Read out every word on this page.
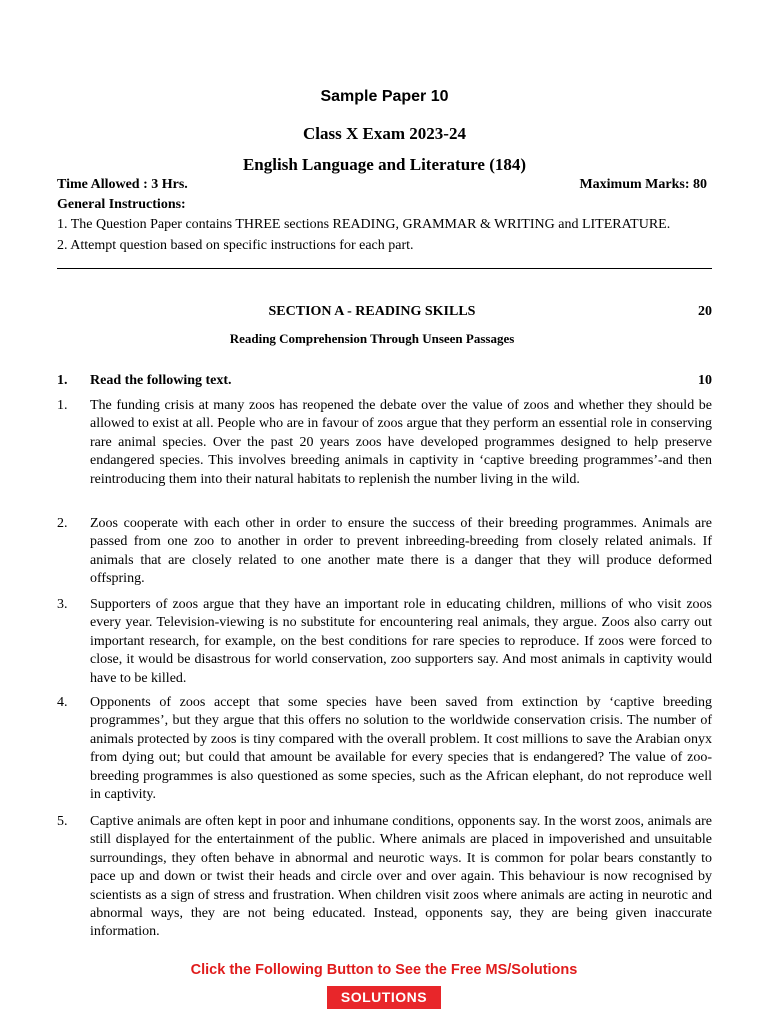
Sample Paper 10
Class X Exam 2023-24
English Language and Literature (184)
Time Allowed : 3 Hrs.	Maximum Marks: 80
General Instructions:
1. The Question Paper contains THREE sections READING, GRAMMAR & WRITING and LITERATURE.
2. Attempt question based on specific instructions for each part.
SECTION A - READING SKILLS	20
Reading Comprehension Through Unseen Passages
1. Read the following text.	10
1. The funding crisis at many zoos has reopened the debate over the value of zoos and whether they should be allowed to exist at all. People who are in favour of zoos argue that they perform an essential role in conserving rare animal species. Over the past 20 years zoos have developed programmes designed to help preserve endangered species. This involves breeding animals in captivity in ‘captive breeding programmes’-and then reintroducing them into their natural habitats to replenish the number living in the wild.
2. Zoos cooperate with each other in order to ensure the success of their breeding programmes. Animals are passed from one zoo to another in order to prevent inbreeding-breeding from closely related animals. If animals that are closely related to one another mate there is a danger that they will produce deformed offspring.
3. Supporters of zoos argue that they have an important role in educating children, millions of who visit zoos every year. Television-viewing is no substitute for encountering real animals, they argue. Zoos also carry out important research, for example, on the best conditions for rare species to reproduce. If zoos were forced to close, it would be disastrous for world conservation, zoo supporters say. And most animals in captivity would have to be killed.
4. Opponents of zoos accept that some species have been saved from extinction by ‘captive breeding programmes’, but they argue that this offers no solution to the worldwide conservation crisis. The number of animals protected by zoos is tiny compared with the overall problem. It cost millions to save the Arabian onyx from dying out; but could that amount be available for every species that is endangered? The value of zoo-breeding programmes is also questioned as some species, such as the African elephant, do not reproduce well in captivity.
5. Captive animals are often kept in poor and inhumane conditions, opponents say. In the worst zoos, animals are still displayed for the entertainment of the public. Where animals are placed in impoverished and unsuitable surroundings, they often behave in abnormal and neurotic ways. It is common for polar bears constantly to pace up and down or twist their heads and circle over and over again. This behaviour is now recognised by scientists as a sign of stress and frustration. When children visit zoos where animals are acting in neurotic and abnormal ways, they are not being educated. Instead, opponents say, they are being given inaccurate information.
Click the Following Button to See the Free MS/Solutions
SOLUTIONS
